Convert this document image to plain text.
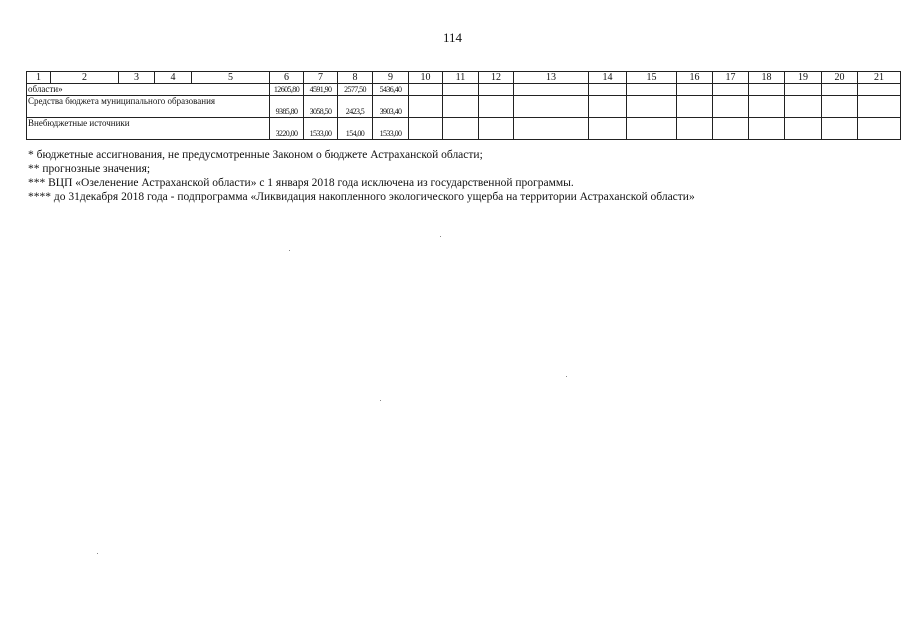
114
1	2	3	4	5	6	7	8	9	10	11	12	13	14	15	16	17	18	19	20	21
области»					12605,80	4591,90	2577,50	5436,40												
Средства бюджета муниципального образования					9385,80	3058,50	2423,5	3903,40												
Внебюджетные источники					3220,00	1533,00	154,00	1533,00												

* бюджетные ассигнования, не предусмотренные Законом о бюджете Астраханской области;

** прогнозные значения;

*** ВЦП «Озеленение Астраханской области» с 1 января 2018 года исключена из государственной программы.

**** до 31декабря 2018 года - подпрограмма «Ликвидация накопленного экологического ущерба на территории Астраханской области»
